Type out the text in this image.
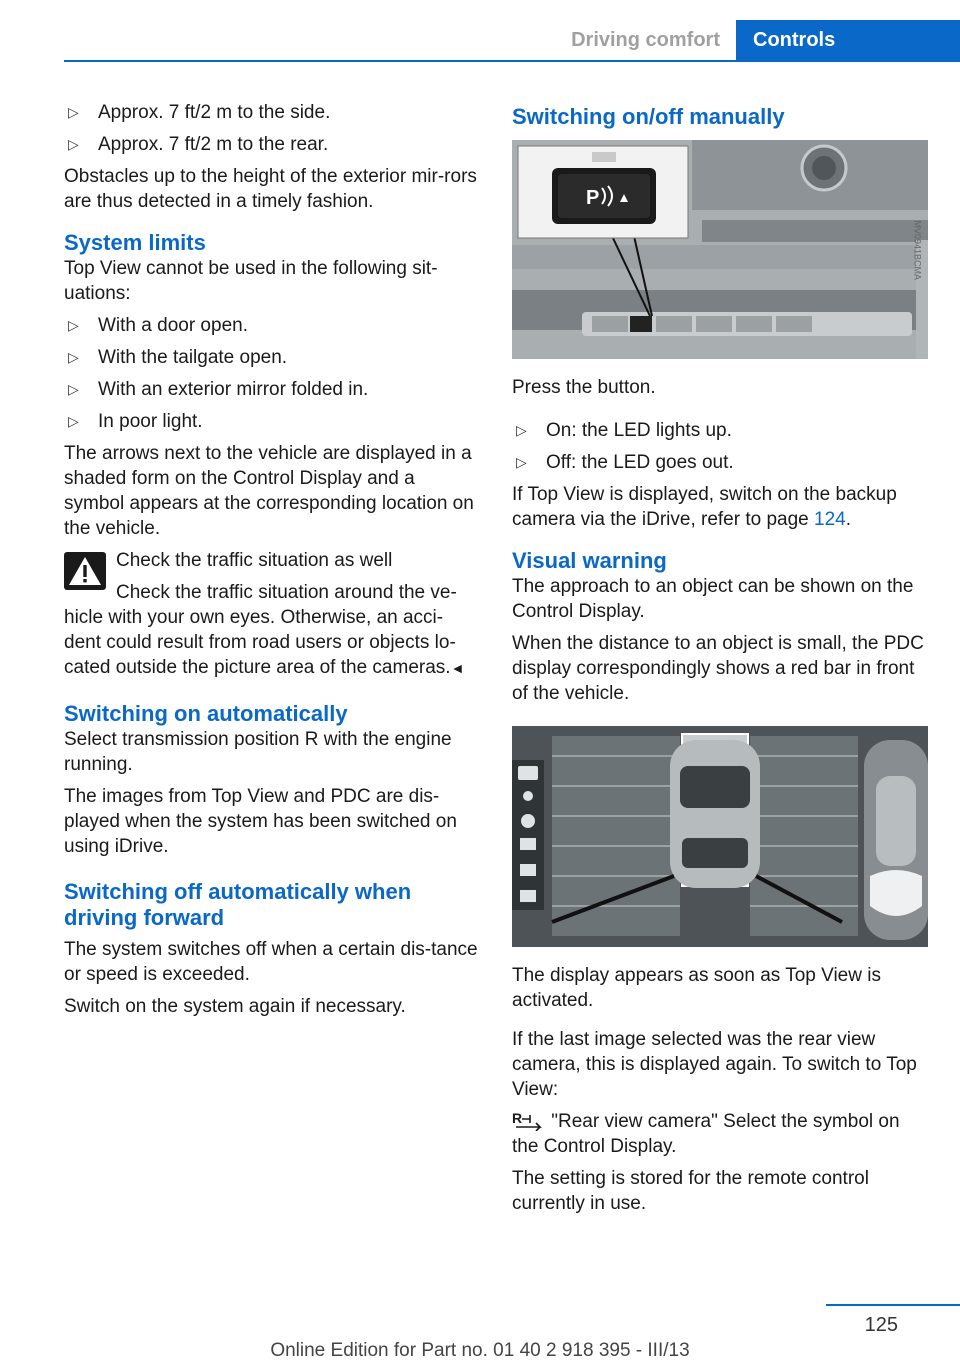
Driving comfort	Controls
▷ Approx. 7 ft/2 m to the side.
▷ Approx. 7 ft/2 m to the rear.

Obstacles up to the height of the exterior mir-rors are thus detected in a timely fashion.

System limits

Top View cannot be used in the following sit-uations:

▷ With a door open.
▷ With the tailgate open.
▷ With an exterior mirror folded in.
▷ In poor light.

The arrows next to the vehicle are displayed in a shaded form on the Control Display and a symbol appears at the corresponding location on the vehicle.

Check the traffic situation as well
Check the traffic situation around the ve-hicle with your own eyes. Otherwise, an acci-dent could result from road users or objects lo-cated outside the picture area of the cameras.◄
Switching on automatically

Select transmission position R with the engine running.

The images from Top View and PDC are dis-played when the system has been switched on using iDrive.

Switching off automatically when driving forward

The system switches off when a certain dis-tance or speed is exceeded.

Switch on the system again if necessary.

Switching on/off manually
P
MV0941BCMA

Press the button.

▷ On: the LED lights up.
▷ Off: the LED goes out.

If Top View is displayed, switch on the backup camera via the iDrive, refer to page 124.

Visual warning

The approach to an object can be shown on the Control Display.

When the distance to an object is small, the PDC display correspondingly shows a red bar in front of the vehicle.

The display appears as soon as Top View is activated.

If the last image selected was the rear view camera, this is displayed again. To switch to Top View:

R "Rear view camera" Select the symbol on the Control Display.

The setting is stored for the remote control currently in use.

125
Online Edition for Part no. 01 40 2 918 395 - III/13
